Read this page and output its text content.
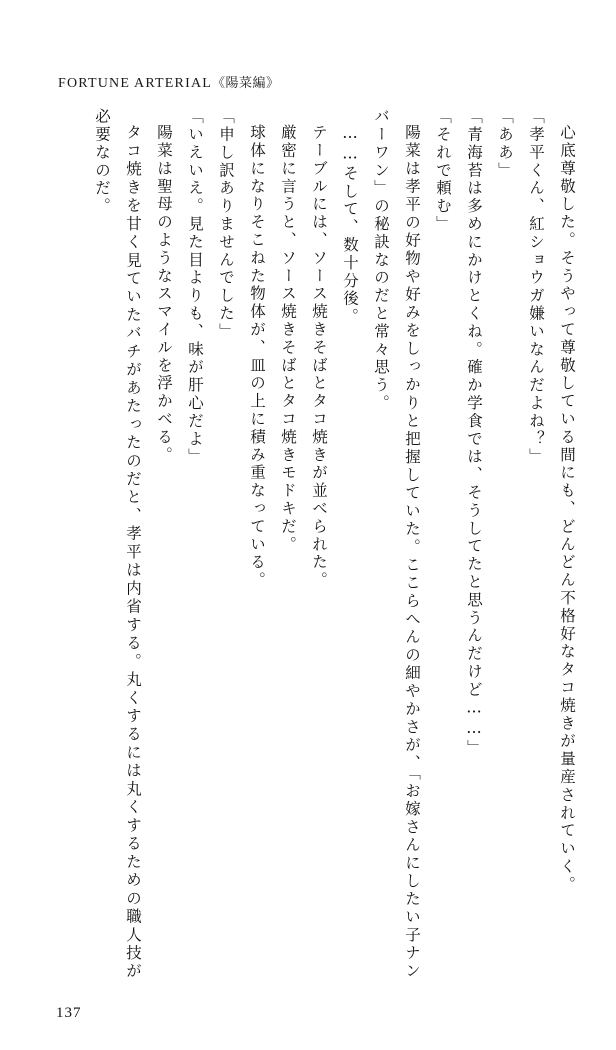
FORTUNE ARTERIAL《陽菜編》

心底尊敬した。そうやって尊敬している間にも、どんどん不格好なタコ焼きが量産されていく。

「孝平くん、紅ショウガ嫌いなんだよね？」

「ああ」

「青海苔は多めにかけとくね。確か学食では、そうしてたと思うんだけど……」

「それで頼む」

陽菜は孝平の好物や好みをしっかりと把握していた。ここらへんの細やかさが、「お嫁さんにしたい子ナンバーワン」の秘訣なのだと常々思う。

……そして、数十分後。

テーブルには、ソース焼きそばとタコ焼きが並べられた。

厳密に言うと、ソース焼きそばとタコ焼きモドキだ。

球体になりそこねた物体が、皿の上に積み重なっている。

「申し訳ありませんでした」

「いえいえ。見た目よりも、味が肝心だよ」

陽菜は聖母のようなスマイルを浮かべる。

タコ焼きを甘く見ていたバチがあたったのだと、孝平は内省する。丸くするには丸くするための職人技が必要なのだ。

137
